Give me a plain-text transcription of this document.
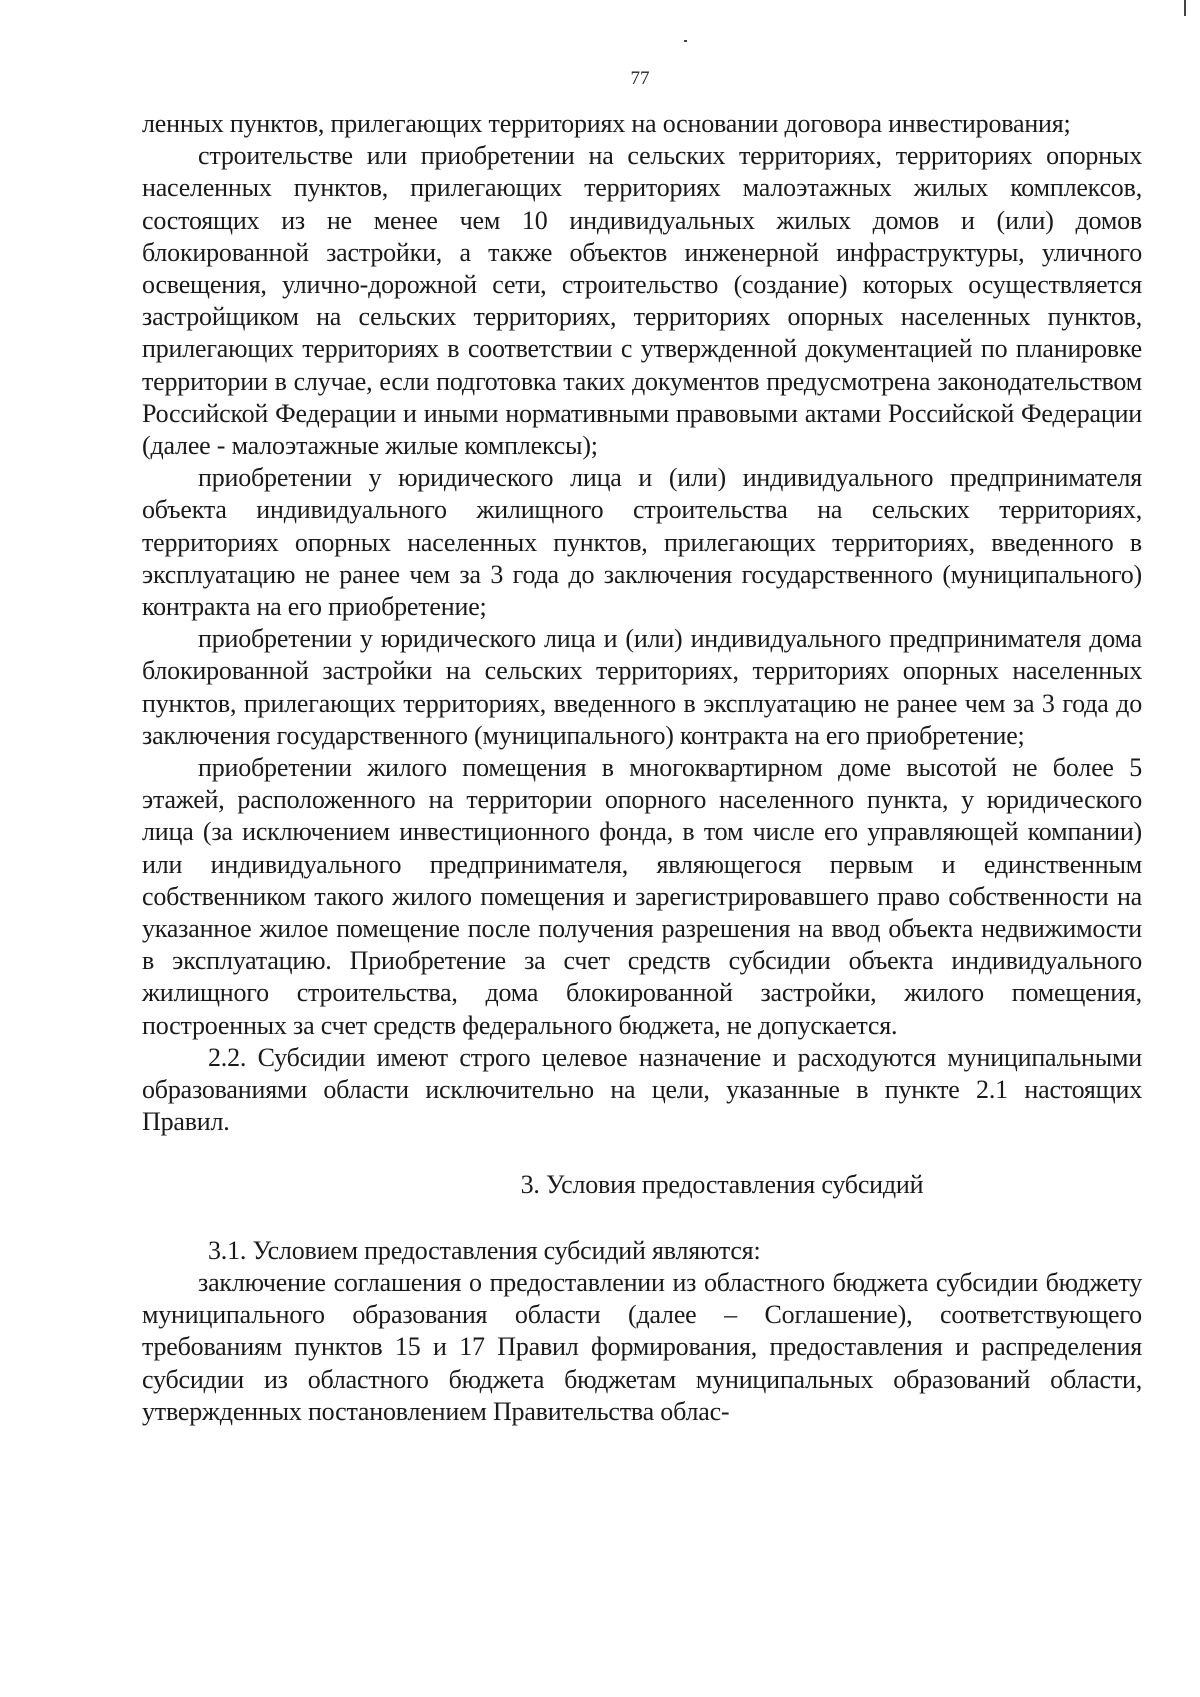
77

ленных пунктов, прилегающих территориях на основании договора инвестирования;

строительстве или приобретении на сельских территориях, территориях опорных населенных пунктов, прилегающих территориях малоэтажных жилых комплексов, состоящих из не менее чем 10 индивидуальных жилых домов и (или) домов блокированной застройки, а также объектов инженерной инфраструктуры, уличного освещения, улично-дорожной сети, строительство (создание) которых осуществляется застройщиком на сельских территориях, территориях опорных населенных пунктов, прилегающих территориях в соответствии с утвержденной документацией по планировке территории в случае, если подготовка таких документов предусмотрена законодательством Российской Федерации и иными нормативными правовыми актами Российской Федерации (далее - малоэтажные жилые комплексы);

приобретении у юридического лица и (или) индивидуального предпринимателя объекта индивидуального жилищного строительства на сельских территориях, территориях опорных населенных пунктов, прилегающих территориях, введенного в эксплуатацию не ранее чем за 3 года до заключения государственного (муниципального) контракта на его приобретение;

приобретении у юридического лица и (или) индивидуального предпринимателя дома блокированной застройки на сельских территориях, территориях опорных населенных пунктов, прилегающих территориях, введенного в эксплуатацию не ранее чем за 3 года до заключения государственного (муниципального) контракта на его приобретение;

приобретении жилого помещения в многоквартирном доме высотой не более 5 этажей, расположенного на территории опорного населенного пункта, у юридического лица (за исключением инвестиционного фонда, в том числе его управляющей компании) или индивидуального предпринимателя, являющегося первым и единственным собственником такого жилого помещения и зарегистрировавшего право собственности на указанное жилое помещение после получения разрешения на ввод объекта недвижимости в эксплуатацию. Приобретение за счет средств субсидии объекта индивидуального жилищного строительства, дома блокированной застройки, жилого помещения, построенных за счет средств федерального бюджета, не допускается.

2.2. Субсидии имеют строго целевое назначение и расходуются муниципальными образованиями области исключительно на цели, указанные в пункте 2.1 настоящих Правил.

3. Условия предоставления субсидий

3.1. Условием предоставления субсидий являются:

заключение соглашения о предоставлении из областного бюджета субсидии бюджету муниципального образования области (далее – Соглашение), соответствующего требованиям пунктов 15 и 17 Правил формирования, предоставления и распределения субсидии из областного бюджета бюджетам муниципальных образований области, утвержденных постановлением Правительства облас-
